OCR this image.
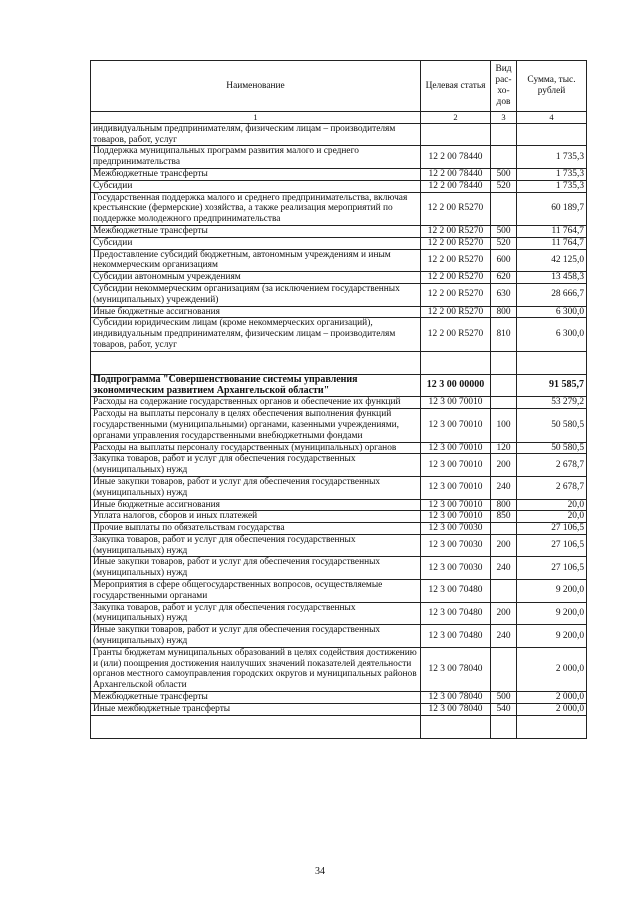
Наименование	Целевая статья	Вид рас-хо-дов	Сумма, тыс. рублей
1	2	3	4
индивидуальным предпринимателям, физическим лицам – производителям товаров, работ, услуг			
Поддержка муниципальных программ развития малого и среднего предпринимательства	12 2 00 78440		1 735,3
Межбюджетные трансферты	12 2 00 78440	500	1 735,3
Субсидии	12 2 00 78440	520	1 735,3
Государственная поддержка малого и среднего предпринимательства, включая крестьянские (фермерские) хозяйства, а также реализация мероприятий по поддержке молодежного предпринимательства	12 2 00 R5270		60 189,7
Межбюджетные трансферты	12 2 00 R5270	500	11 764,7
Субсидии	12 2 00 R5270	520	11 764,7
Предоставление субсидий бюджетным, автономным учреждениям и иным некоммерческим организациям	12 2 00 R5270	600	42 125,0
Субсидии автономным учреждениям	12 2 00 R5270	620	13 458,3
Субсидии некоммерческим организациям (за исключением государственных (муниципальных) учреждений)	12 2 00 R5270	630	28 666,7
Иные бюджетные ассигнования	12 2 00 R5270	800	6 300,0
Субсидии юридическим лицам (кроме некоммерческих организаций), индивидуальным предпринимателям, физическим лицам – производителям товаров, работ, услуг	12 2 00 R5270	810	6 300,0

Подпрограмма "Совершенствование системы управления экономическим развитием Архангельской области"	12 3 00 00000		91 585,7
Расходы на содержание государственных органов и обеспечение их функций	12 3 00 70010		53 279,2
Расходы на выплаты персоналу в целях обеспечения выполнения функций государственными (муниципальными) органами, казенными учреждениями, органами управления государственными внебюджетными фондами	12 3 00 70010	100	50 580,5
Расходы на выплаты персоналу государственных (муниципальных) органов	12 3 00 70010	120	50 580,5
Закупка товаров, работ и услуг для обеспечения государственных (муниципальных) нужд	12 3 00 70010	200	2 678,7
Иные закупки товаров, работ и услуг для обеспечения государственных (муниципальных) нужд	12 3 00 70010	240	2 678,7
Иные бюджетные ассигнования	12 3 00 70010	800	20,0
Уплата налогов, сборов и иных платежей	12 3 00 70010	850	20,0
Прочие выплаты по обязательствам государства	12 3 00 70030		27 106,5
Закупка товаров, работ и услуг для обеспечения государственных (муниципальных) нужд	12 3 00 70030	200	27 106,5
Иные закупки товаров, работ и услуг для обеспечения государственных (муниципальных) нужд	12 3 00 70030	240	27 106,5
Мероприятия в сфере общегосударственных вопросов, осуществляемые государственными органами	12 3 00 70480		9 200,0
Закупка товаров, работ и услуг для обеспечения государственных (муниципальных) нужд	12 3 00 70480	200	9 200,0
Иные закупки товаров, работ и услуг для обеспечения государственных (муниципальных) нужд	12 3 00 70480	240	9 200,0
Гранты бюджетам муниципальных образований в целях содействия достижению и (или) поощрения достижения наилучших значений показателей деятельности органов местного самоуправления городских округов и муниципальных районов Архангельской области	12 3 00 78040		2 000,0
Межбюджетные трансферты	12 3 00 78040	500	2 000,0
Иные межбюджетные трансферты	12 3 00 78040	540	2 000,0

34
